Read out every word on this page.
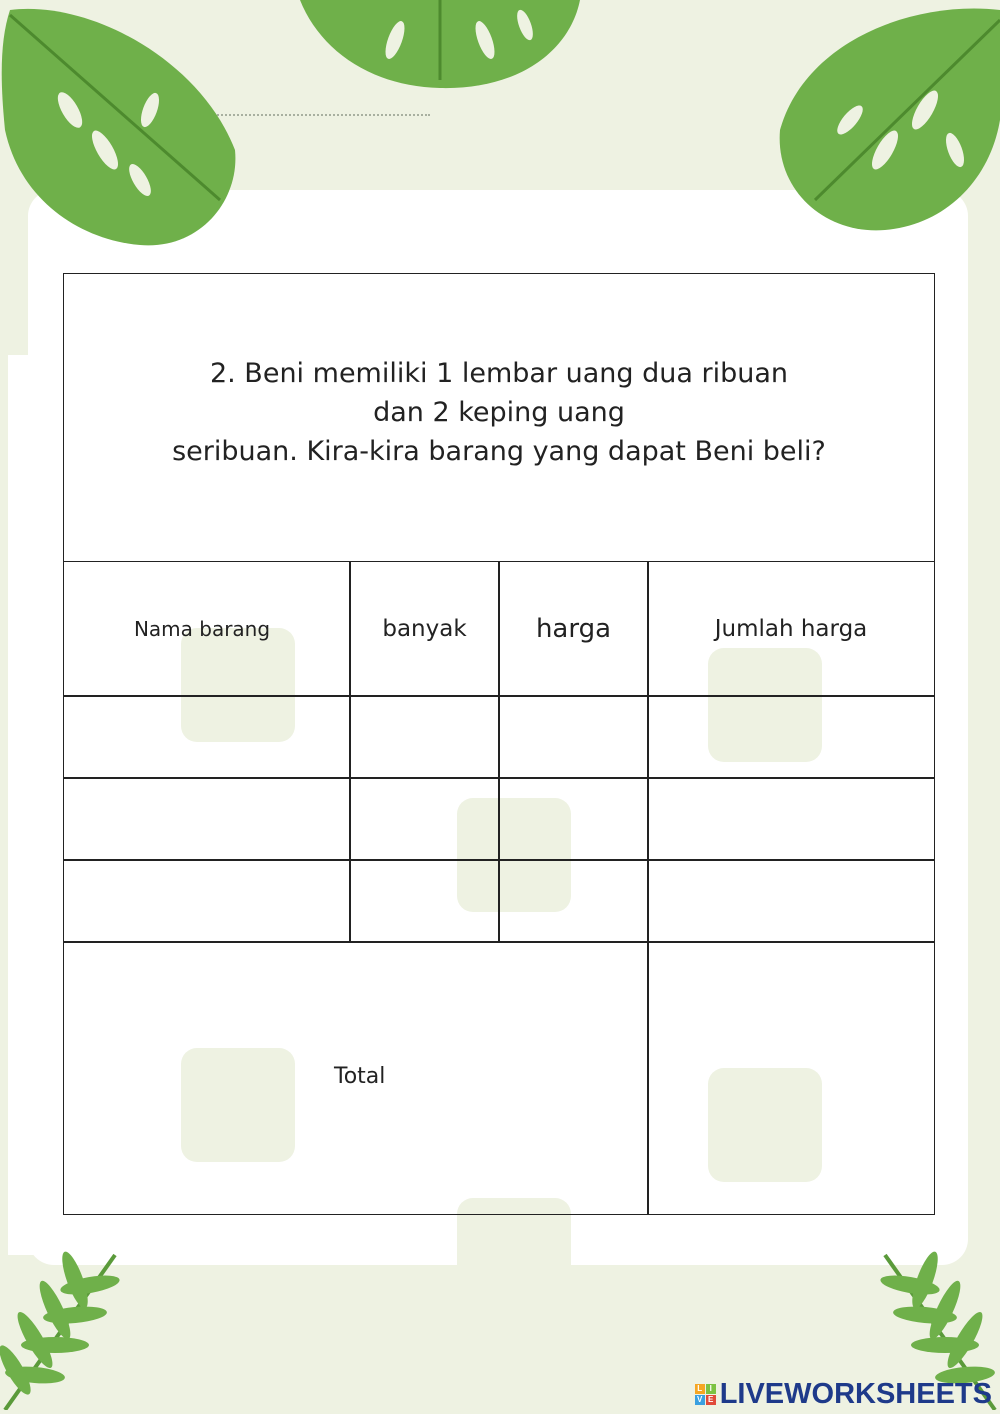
2. Beni memiliki 1 lembar uang dua ribuan
dan 2 keping uang
seribuan. Kira-kira barang yang dapat Beni beli?
Nama barang	banyak	harga	Jumlah harga
Total
L I
V E LIVEWORKSHEETS
